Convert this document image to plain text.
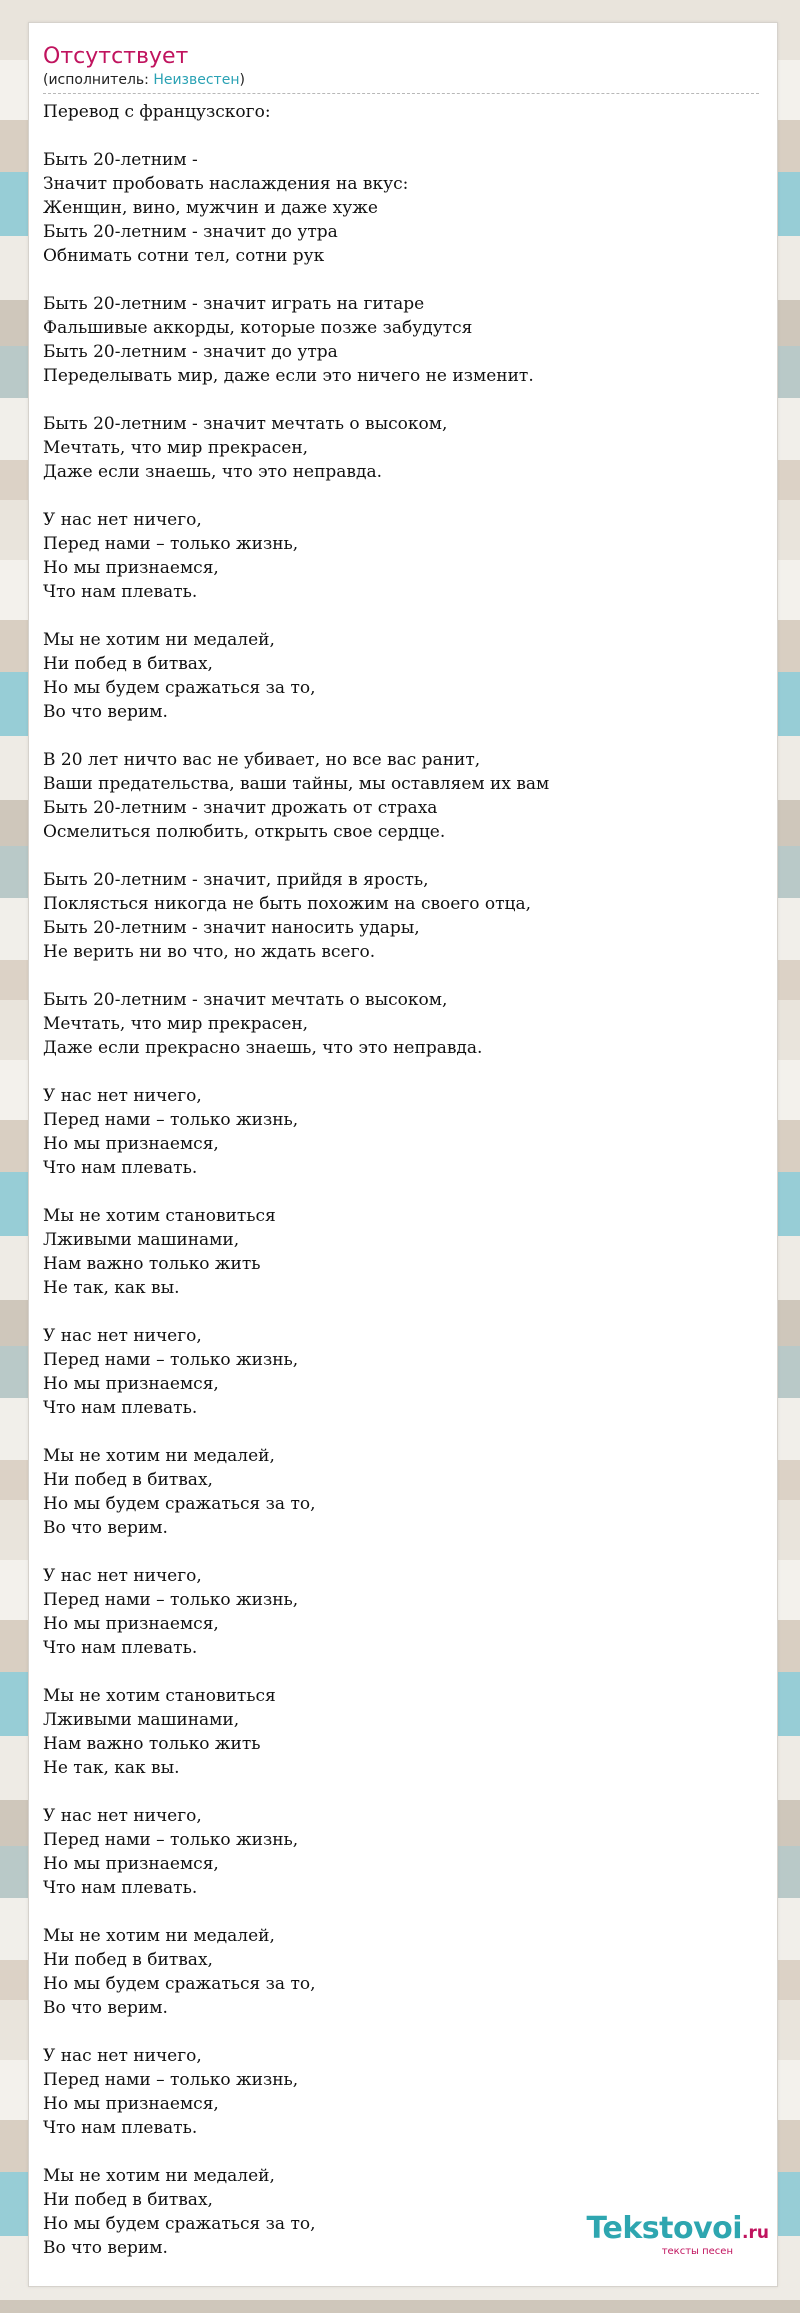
Отсутствует
(исполнитель: Неизвестен)
Перевод с французского:
Быть 20-летним -
Значит пробовать наслаждения на вкус:
Женщин, вино, мужчин и даже хуже
Быть 20-летним - значит до утра
Обнимать сотни тел, сотни рук
Быть 20-летним - значит играть на гитаре
Фальшивые аккорды, которые позже забудутся
Быть 20-летним - значит до утра
Переделывать мир, даже если это ничего не изменит.
Быть 20-летним - значит мечтать о высоком,
Мечтать, что мир прекрасен,
Даже если знаешь, что это неправда.
У нас нет ничего,
Перед нами – только жизнь,
Но мы признаемся,
Что нам плевать.
Мы не хотим ни медалей,
Ни побед в битвах,
Но мы будем сражаться за то,
Во что верим.
В 20 лет ничто вас не убивает, но все вас ранит,
Ваши предательства, ваши тайны, мы оставляем их вам
Быть 20-летним - значит дрожать от страха
Осмелиться полюбить, открыть свое сердце.
Быть 20-летним - значит, прийдя в ярость,
Поклясться никогда не быть похожим на своего отца,
Быть 20-летним - значит наносить удары,
Не верить ни во что, но ждать всего.
Быть 20-летним - значит мечтать о высоком,
Мечтать, что мир прекрасен,
Даже если прекрасно знаешь, что это неправда.
У нас нет ничего,
Перед нами – только жизнь,
Но мы признаемся,
Что нам плевать.
Мы не хотим становиться
Лживыми машинами,
Нам важно только жить
Не так, как вы.
У нас нет ничего,
Перед нами – только жизнь,
Но мы признаемся,
Что нам плевать.
Мы не хотим ни медалей,
Ни побед в битвах,
Но мы будем сражаться за то,
Во что верим.
У нас нет ничего,
Перед нами – только жизнь,
Но мы признаемся,
Что нам плевать.
Мы не хотим становиться
Лживыми машинами,
Нам важно только жить
Не так, как вы.
У нас нет ничего,
Перед нами – только жизнь,
Но мы признаемся,
Что нам плевать.
Мы не хотим ни медалей,
Ни побед в битвах,
Но мы будем сражаться за то,
Во что верим.
У нас нет ничего,
Перед нами – только жизнь,
Но мы признаемся,
Что нам плевать.
Мы не хотим ни медалей,
Ни побед в битвах,
Но мы будем сражаться за то,
Во что верим.
Tekstovoi.ru
тексты песен
